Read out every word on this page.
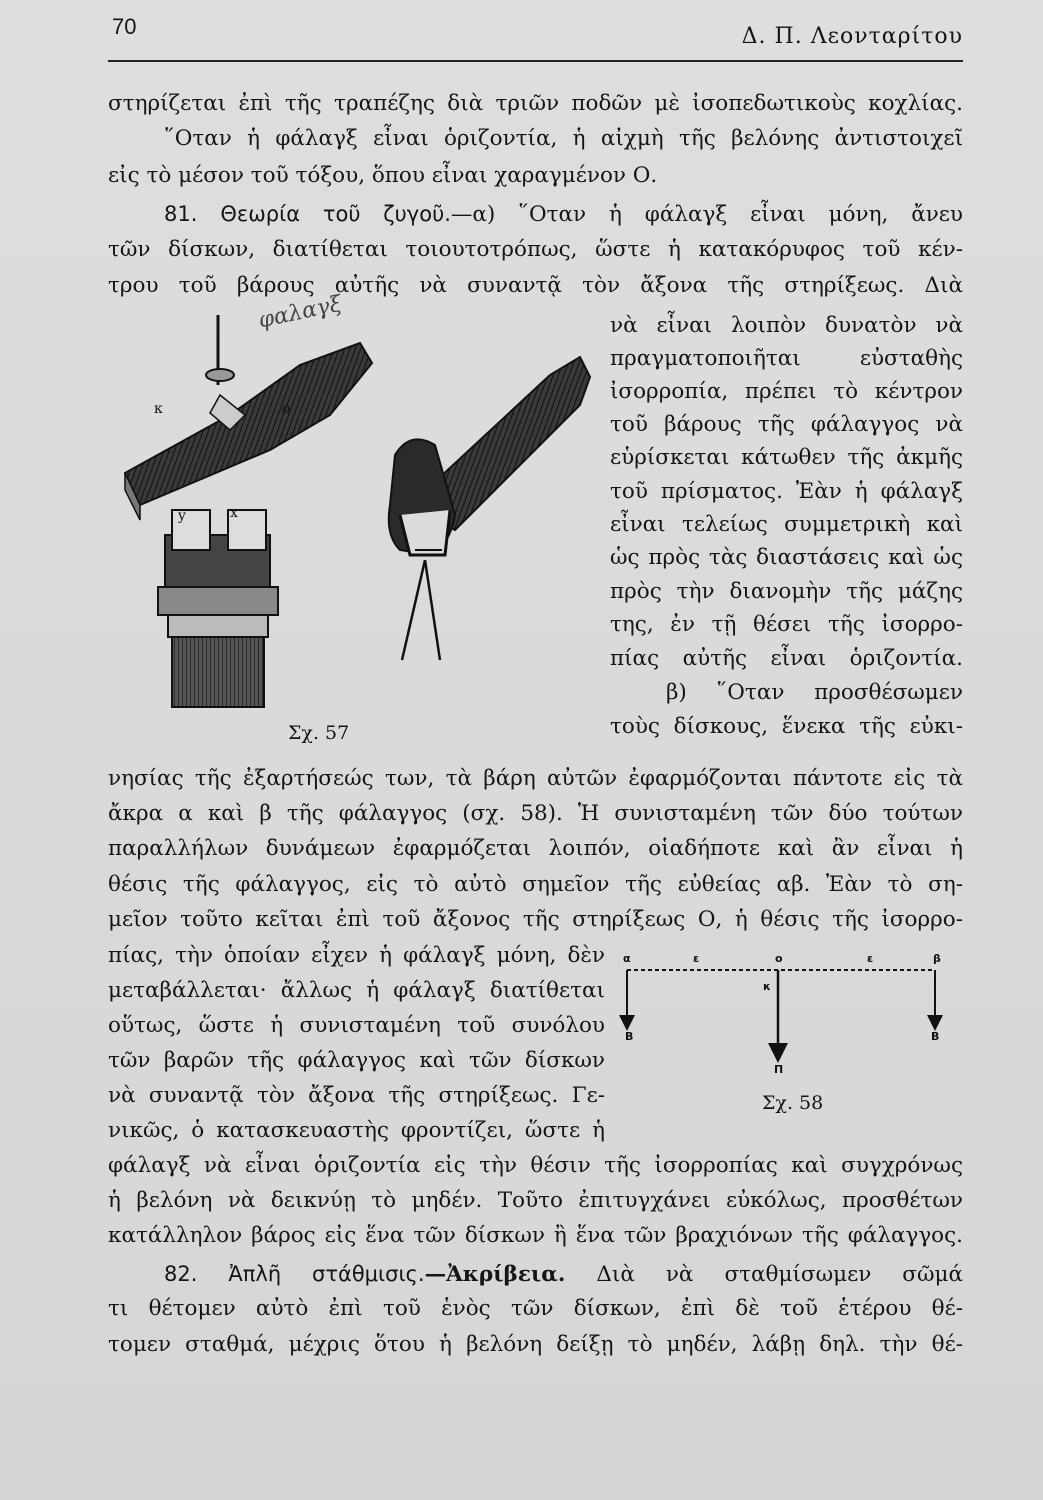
70	Δ. Π. Λεονταρίτου
στηρίζεται ἐπὶ τῆς τραπέζης διὰ τριῶν ποδῶν μὲ ἰσοπεδωτικοὺς κοχλίας.
῞Οταν ἡ φάλαγξ εἶναι ὁριζοντία, ἡ αἰχμὴ τῆς βελόνης ἀντιστοιχεῖ
εἰς τὸ μέσον τοῦ τόξου, ὅπου εἶναι χαραγμένον Ο.
81. Θεωρία τοῦ ζυγοῦ.—α) ῞Οταν ἡ φάλαγξ εἶναι μόνη, ἄνευ
τῶν δίσκων, διατίθεται τοιουτοτρόπως, ὥστε ἡ κατακόρυφος τοῦ κέν-
τρου τοῦ βάρους αὐτῆς νὰ συναντᾷ τὸν ἄξονα τῆς στηρίξεως. Διὰ
νὰ εἶναι λοιπὸν δυνατὸν νὰ
πραγματοποιῆται εὐσταθὴς
ἰσορροπία, πρέπει τὸ κέντρον
τοῦ βάρους τῆς φάλαγγος νὰ
εὑρίσκεται κάτωθεν τῆς ἀκμῆς
τοῦ πρίσματος. Ἐὰν ἡ φάλαγξ
εἶναι τελείως συμμετρικὴ καὶ
ὡς πρὸς τὰς διαστάσεις καὶ ὡς
πρὸς τὴν διανομὴν τῆς μάζης
της, ἐν τῇ θέσει τῆς ἰσορρο-
πίας αὐτῆς εἶναι ὁριζοντία.
β) ῞Οταν προσθέσωμεν
τοὺς δίσκους, ἕνεκα τῆς εὐκι-
κ	ο
y	x
φαλαγξ
Σχ. 57
νησίας τῆς ἐξαρτήσεώς των, τὰ βάρη αὐτῶν ἐφαρμόζονται πάντοτε εἰς τὰ
ἄκρα α καὶ β τῆς φάλαγγος (σχ. 58). Ἡ συνισταμένη τῶν δύο τούτων
παραλλήλων δυνάμεων ἐφαρμόζεται λοιπόν, οἱαδήποτε καὶ ἂν εἶναι ἡ
θέσις τῆς φάλαγγος, εἰς τὸ αὐτὸ σημεῖον τῆς εὐθείας αβ. Ἐὰν τὸ ση-
μεῖον τοῦτο κεῖται ἐπὶ τοῦ ἄξονος τῆς στηρίξεως Ο, ἡ θέσις τῆς ἰσορρο-
πίας, τὴν ὁποίαν εἶχεν ἡ φάλαγξ μόνη, δὲν
μεταβάλλεται· ἄλλως ἡ φάλαγξ διατίθεται
οὕτως, ὥστε ἡ συνισταμένη τοῦ συνόλου
τῶν βαρῶν τῆς φάλαγγος καὶ τῶν δίσκων
νὰ συναντᾷ τὸν ἄξονα τῆς στηρίξεως. Γε-
νικῶς, ὁ κατασκευαστὴς φροντίζει, ὥστε ἡ
α	ε	ο	ε	β
κ
Β	Β
Π
Σχ. 58
φάλαγξ νὰ εἶναι ὁριζοντία εἰς τὴν θέσιν τῆς ἰσορροπίας καὶ συγχρόνως
ἡ βελόνη νὰ δεικνύῃ τὸ μηδέν. Τοῦτο ἐπιτυγχάνει εὐκόλως, προσθέτων
κατάλληλον βάρος εἰς ἕνα τῶν δίσκων ἢ ἕνα τῶν βραχιόνων τῆς φάλαγγος.
82. Ἀπλῆ στάθμισις.—Ἀκρίβεια. Διὰ νὰ σταθμίσωμεν σῶμά
τι θέτομεν αὐτὸ ἐπὶ τοῦ ἑνὸς τῶν δίσκων, ἐπὶ δὲ τοῦ ἑτέρου θέ-
τομεν σταθμά, μέχρις ὅτου ἡ βελόνη δείξῃ τὸ μηδέν, λάβῃ δηλ. τὴν θέ-
